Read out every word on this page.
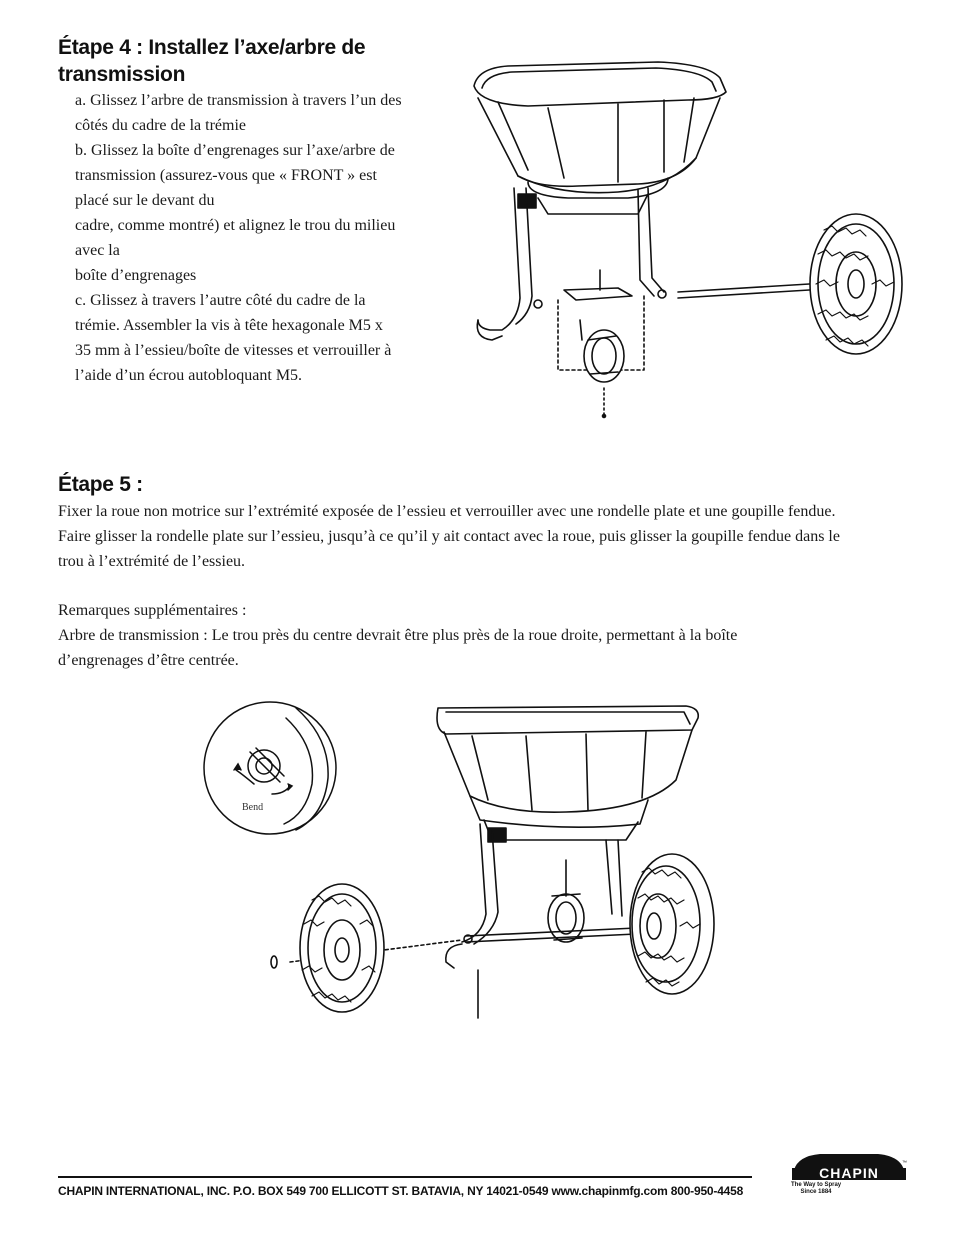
Étape 4 : Installez l’axe/arbre de
transmission
a. Glissez l’arbre de transmission à travers l’un des
côtés du cadre de la trémie
b. Glissez la boîte d’engrenages sur l’axe/arbre de
transmission (assurez-vous que « FRONT » est
placé sur le devant du
cadre, comme montré) et alignez le trou du milieu
avec la
boîte d’engrenages
c. Glissez à travers l’autre côté du cadre de la
trémie. Assembler la vis à tête hexagonale M5 x
35 mm à l’essieu/boîte de vitesses et verrouiller à
l’aide d’un écrou autobloquant M5.
Étape 5 :
Fixer la roue non motrice sur l’extrémité exposée de l’essieu et verrouiller avec une rondelle plate et une goupille fendue.
Faire glisser la rondelle plate sur l’essieu, jusqu’à ce qu’il y ait contact avec la roue, puis glisser la goupille fendue dans le
trou à l’extrémité de l’essieu.
Remarques supplémentaires :
Arbre de transmission : Le trou près du centre devrait être plus près de la roue droite, permettant à la boîte
d’engrenages d’être centrée.
Bend
CHAPIN INTERNATIONAL, INC. P.O. BOX 549 700 ELLICOTT ST. BATAVIA, NY 14021-0549 www.chapinmfg.com 800-950-4458
CHAPIN
™
The Way to Spray
Since 1884
